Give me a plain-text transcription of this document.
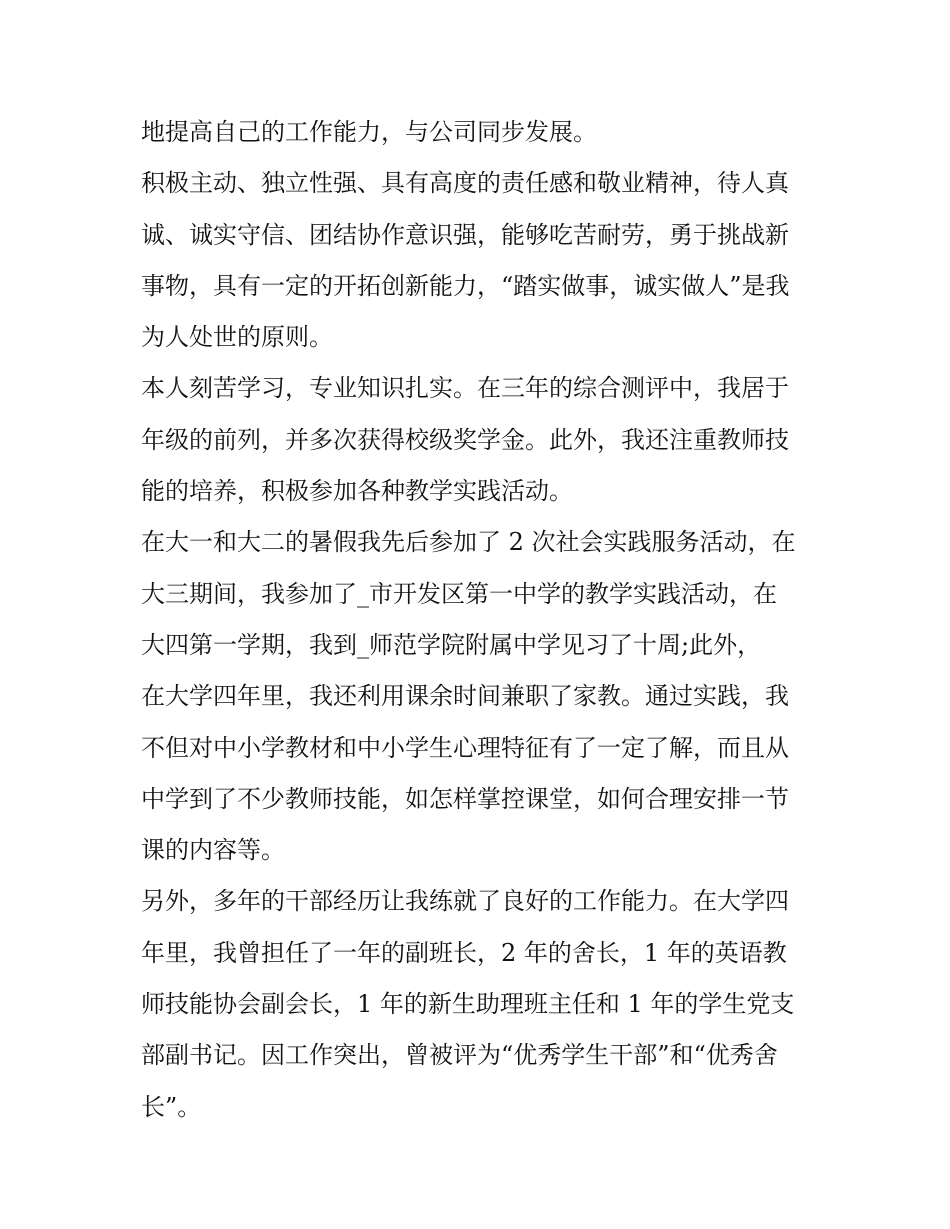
地提高自己的工作能力，与公司同步发展。
积极主动、独立性强、具有高度的责任感和敬业精神，待人真
诚、诚实守信、团结协作意识强，能够吃苦耐劳，勇于挑战新
事物，具有一定的开拓创新能力，“踏实做事，诚实做人”是我
为人处世的原则。
本人刻苦学习，专业知识扎实。在三年的综合测评中，我居于
年级的前列，并多次获得校级奖学金。此外，我还注重教师技
能的培养，积极参加各种教学实践活动。
在大一和大二的暑假我先后参加了 2 次社会实践服务活动，在
大三期间，我参加了_市开发区第一中学的教学实践活动，在
大四第一学期，我到_师范学院附属中学见习了十周;此外，
在大学四年里，我还利用课余时间兼职了家教。通过实践，我
不但对中小学教材和中小学生心理特征有了一定了解，而且从
中学到了不少教师技能，如怎样掌控课堂，如何合理安排一节
课的内容等。
另外，多年的干部经历让我练就了良好的工作能力。在大学四
年里，我曾担任了一年的副班长，2 年的舍长，1 年的英语教
师技能协会副会长，1 年的新生助理班主任和 1 年的学生党支
部副书记。因工作突出，曾被评为“优秀学生干部”和“优秀舍
长”。
